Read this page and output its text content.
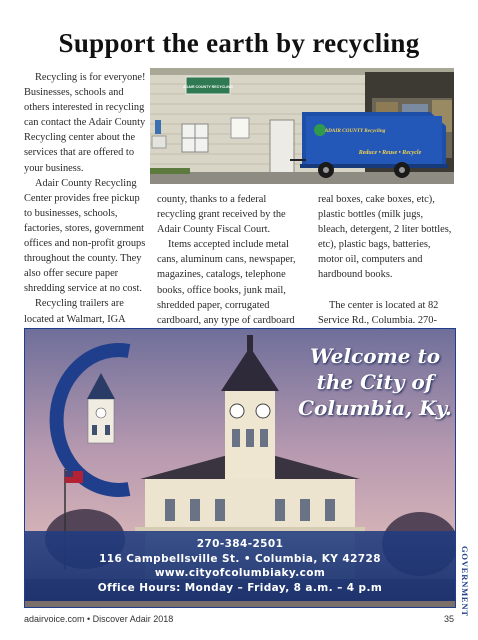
Support the earth by recycling
ADAIR COUNTY RECYCLING
ADAIR COUNTY Recycling
Reduce • Reuse • Recycle

Recycling is for everyone! Businesses, schools and others interested in recycling can contact the Adair County Recycling center about the services that are offered to your business.

Adair County Recycling Center provides free pickup to businesses, schools, factories, stores, government offices and non-profit groups throughout the county. They also offer secure paper shredding service at no cost.

Recycling trailers are located at Walmart, IGA

county, thanks to a federal recycling grant received by the Adair County Fiscal Court.

Items accepted include metal cans, aluminum cans, newspaper, magazines, catalogs, telephone books, office books, junk mail, shredded paper, corrugated cardboard, any type of cardboard

real boxes, cake boxes, etc), plastic bottles (milk jugs, bleach, detergent, 2 liter bottles, etc), plastic bags, batteries, motor oil, computers and hardbound books.

The center is located at 82 Service Rd., Columbia. 270-

Welcome to
the City of
Columbia, Ky.
270-384-2501
116 Campbellsville St. • Columbia, KY 42728
www.cityofcolumbiaky.com
Office Hours: Monday – Friday, 8 a.m. – 4 p.m	GOVERNMENT
adairvoice.com • Discover Adair 2018	35
